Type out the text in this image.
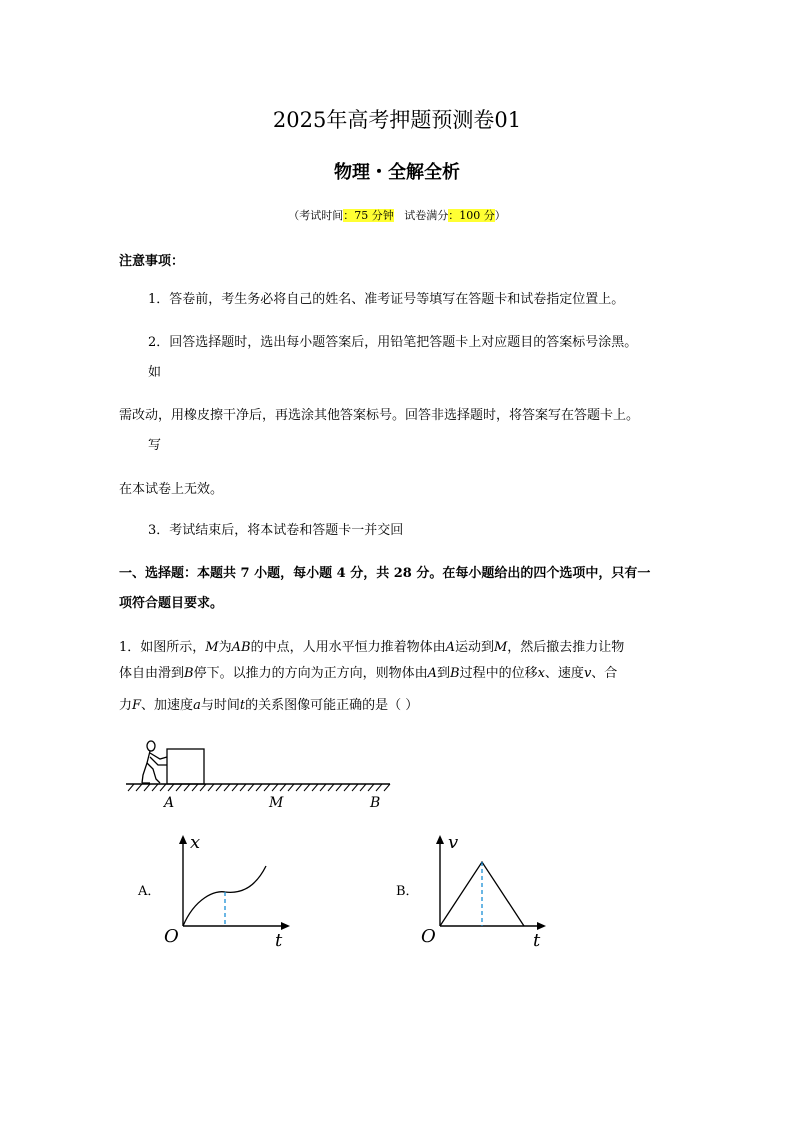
2025年高考押题预测卷01
物理・全解全析
（考试时间：75 分钟 试卷满分：100 分）
注意事项：
1．答卷前，考生务必将自己的姓名、准考证号等填写在答题卡和试卷指定位置上。
2．回答选择题时，选出每小题答案后，用铅笔把答题卡上对应题目的答案标号涂黑。
如
需改动，用橡皮擦干净后，再选涂其他答案标号。回答非选择题时，将答案写在答题卡上。
写
在本试卷上无效。
3．考试结束后，将本试卷和答题卡一并交回
一、选择题：本题共 7 小题，每小题 4 分，共 28 分。在每小题给出的四个选项中，只有一
项符合题目要求。
1．如图所示，M为AB的中点，人用水平恒力推着物体由A运动到M，然后撤去推力让物
体自由滑到B停下。以推力的方向为正方向，则物体由A到B过程中的位移x、速度v、合
力F、加速度a与时间t的关系图像可能正确的是（ ）
A	M	B
A．
x
t
O
B．
v
t
O
